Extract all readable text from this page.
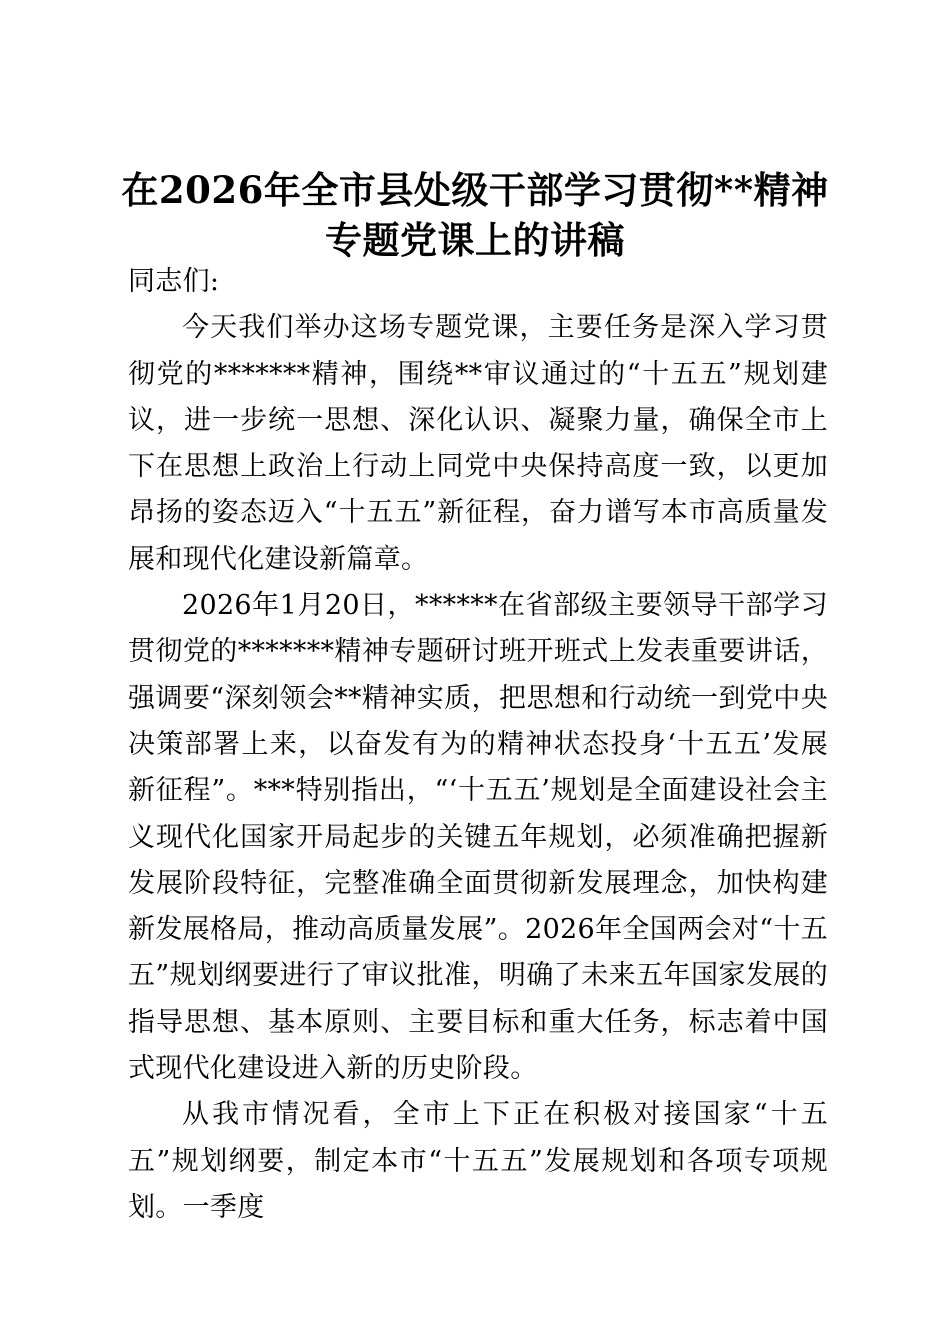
在2026年全市县处级干部学习贯彻**精神专题党课上的讲稿

同志们:

今天我们举办这场专题党课，主要任务是深入学习贯彻党的*******精神，围绕**审议通过的“十五五”规划建议，进一步统一思想、深化认识、凝聚力量，确保全市上下在思想上政治上行动上同党中央保持高度一致，以更加昂扬的姿态迈入“十五五”新征程，奋力谱写本市高质量发展和现代化建设新篇章。

2026年1月20日，******在省部级主要领导干部学习贯彻党的*******精神专题研讨班开班式上发表重要讲话，强调要“深刻领会**精神实质，把思想和行动统一到党中央决策部署上来，以奋发有为的精神状态投身‘十五五’发展新征程”。***特别指出，“‘十五五’规划是全面建设社会主义现代化国家开局起步的关键五年规划，必须准确把握新发展阶段特征，完整准确全面贯彻新发展理念，加快构建新发展格局，推动高质量发展”。2026年全国两会对“十五五”规划纲要进行了审议批准，明确了未来五年国家发展的指导思想、基本原则、主要目标和重大任务，标志着中国式现代化建设进入新的历史阶段。

从我市情况看，全市上下正在积极对接国家“十五五”规划纲要，制定本市“十五五”发展规划和各项专项规划。一季度
